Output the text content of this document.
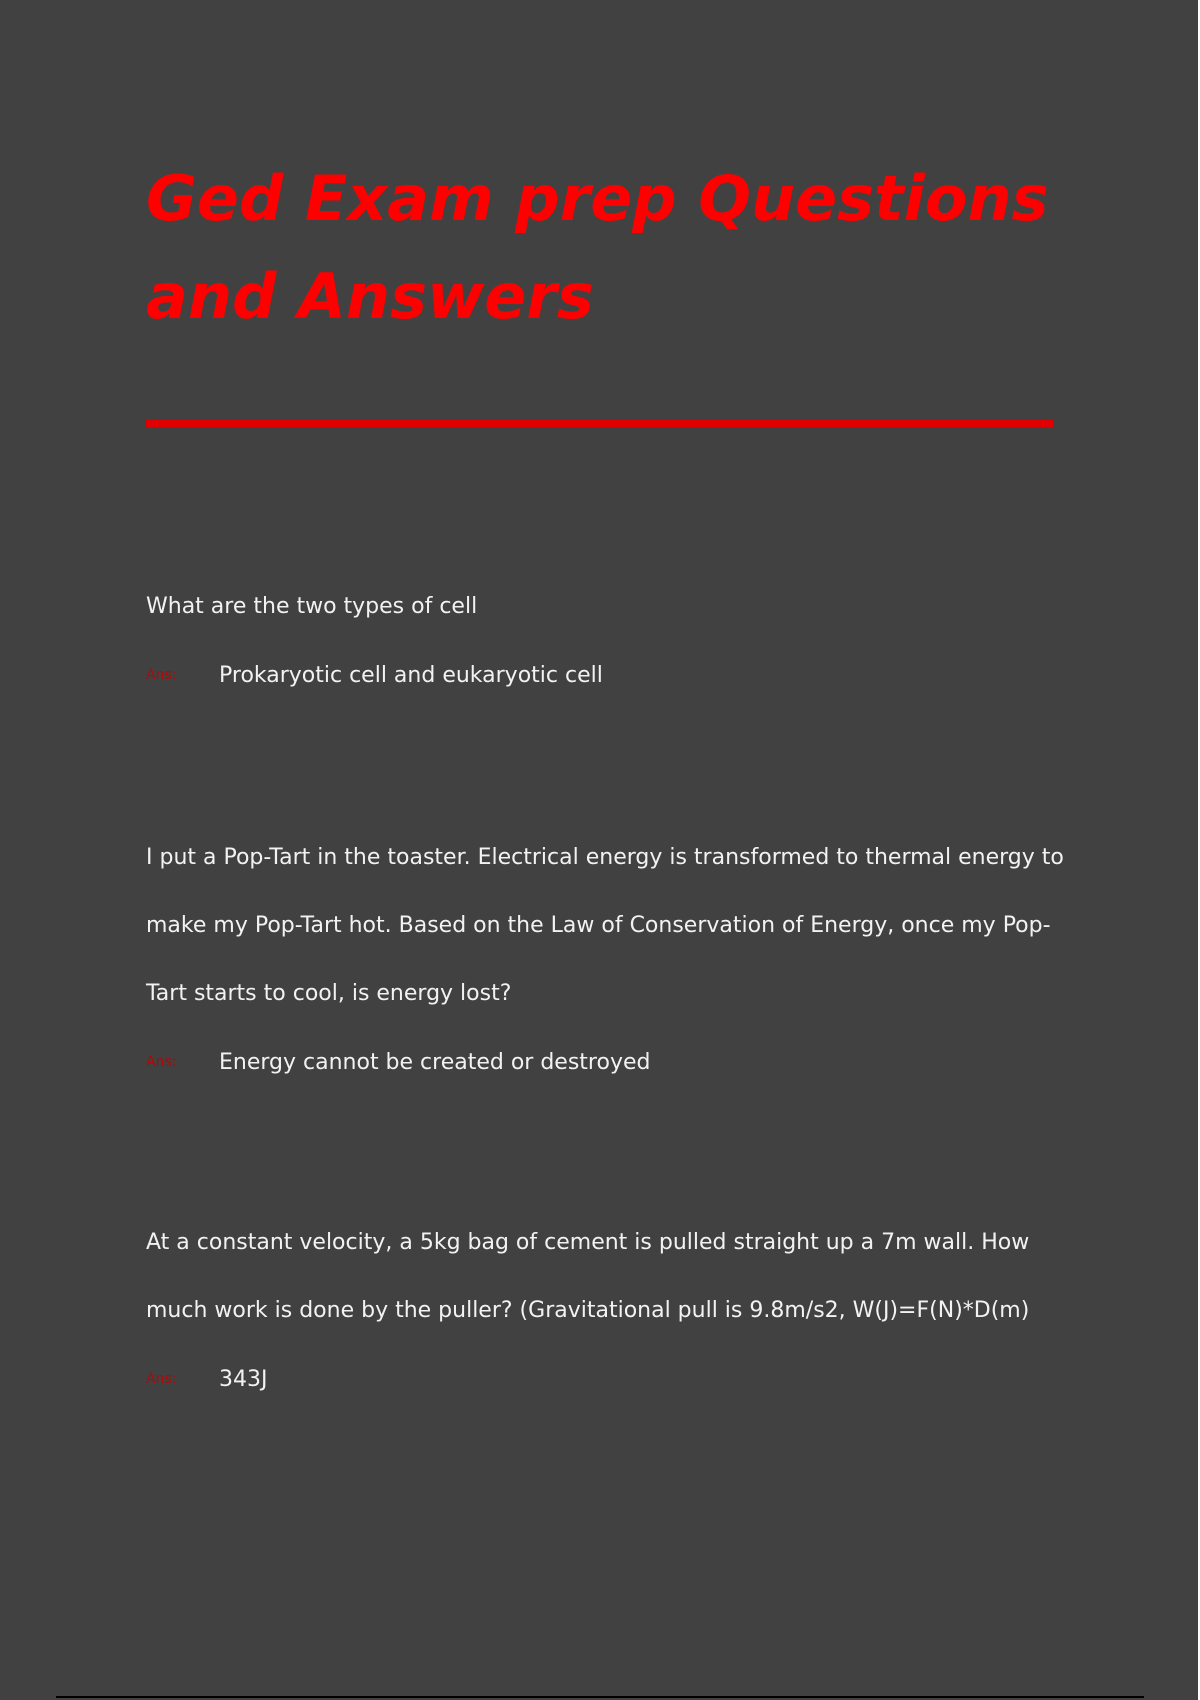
Ged Exam prep Questions and Answers

What are the two types of cell

Ans:	Prokaryotic cell and eukaryotic cell

I put a Pop-Tart in the toaster. Electrical energy is transformed to thermal energy to make my Pop-Tart hot. Based on the Law of Conservation of Energy, once my Pop-Tart starts to cool, is energy lost?

Ans:	Energy cannot be created or destroyed

At a constant velocity, a 5kg bag of cement is pulled straight up a 7m wall. How much work is done by the puller? (Gravitational pull is 9.8m/s2, W(J)=F(N)*D(m)

Ans:	343J
